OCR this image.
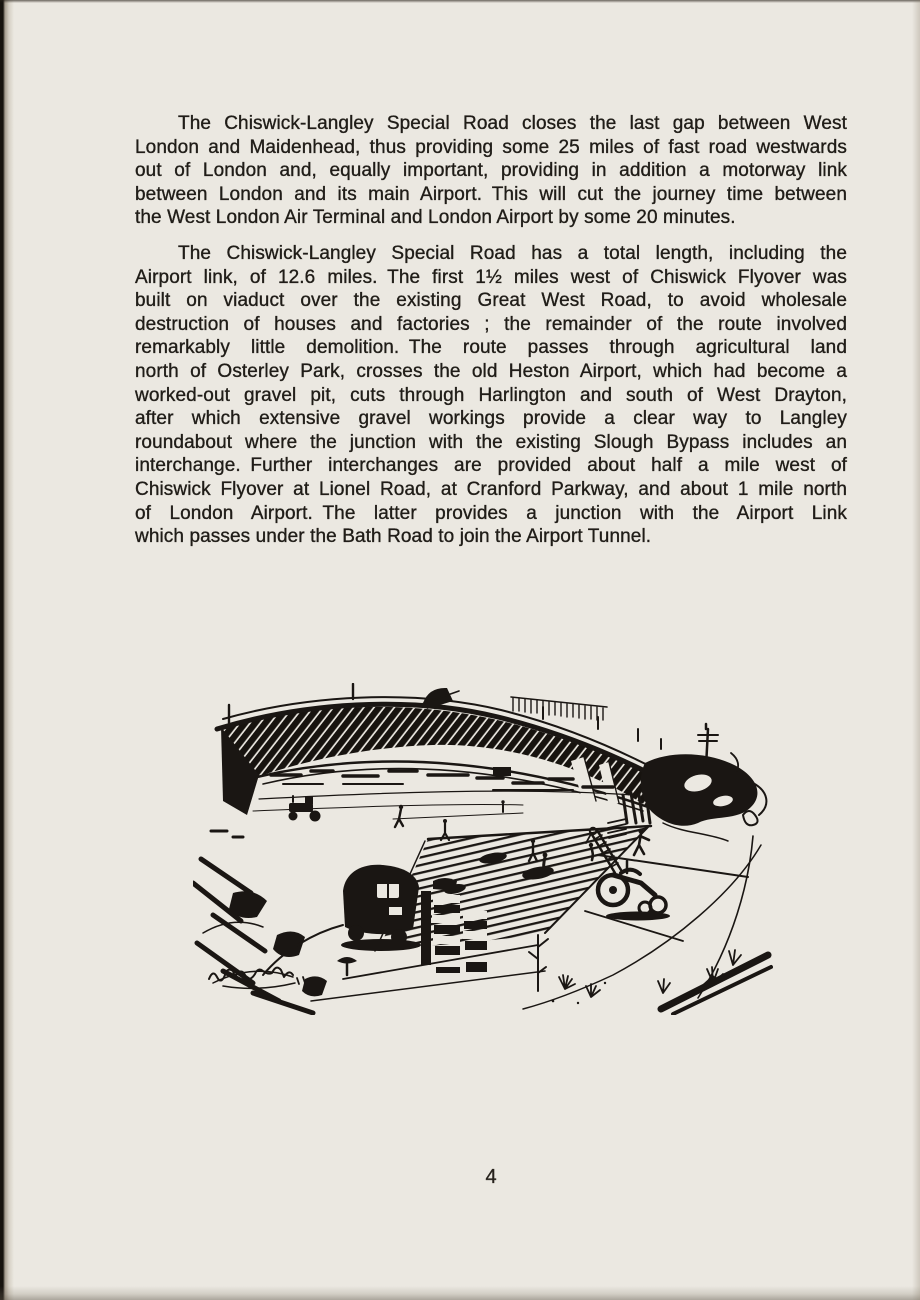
The Chiswick-Langley Special Road closes the last gap between West
London and Maidenhead, thus providing some 25 miles of fast road westwards
out of London and, equally important, providing in addition a motorway link
between London and its main Airport. This will cut the journey time between
the West London Air Terminal and London Airport by some 20 minutes.
The Chiswick-Langley Special Road has a total length, including the
Airport link, of 12.6 miles. The first 1½ miles west of Chiswick Flyover was
built on viaduct over the existing Great West Road, to avoid wholesale
destruction of houses and factories ; the remainder of the route involved
remarkably little demolition. The route passes through agricultural land
north of Osterley Park, crosses the old Heston Airport, which had become a
worked-out gravel pit, cuts through Harlington and south of West Drayton,
after which extensive gravel workings provide a clear way to Langley
roundabout where the junction with the existing Slough Bypass includes an
interchange. Further interchanges are provided about half a mile west of
Chiswick Flyover at Lionel Road, at Cranford Parkway, and about 1 mile north
of London Airport. The latter provides a junction with the Airport Link
which passes under the Bath Road to join the Airport Tunnel.
4
